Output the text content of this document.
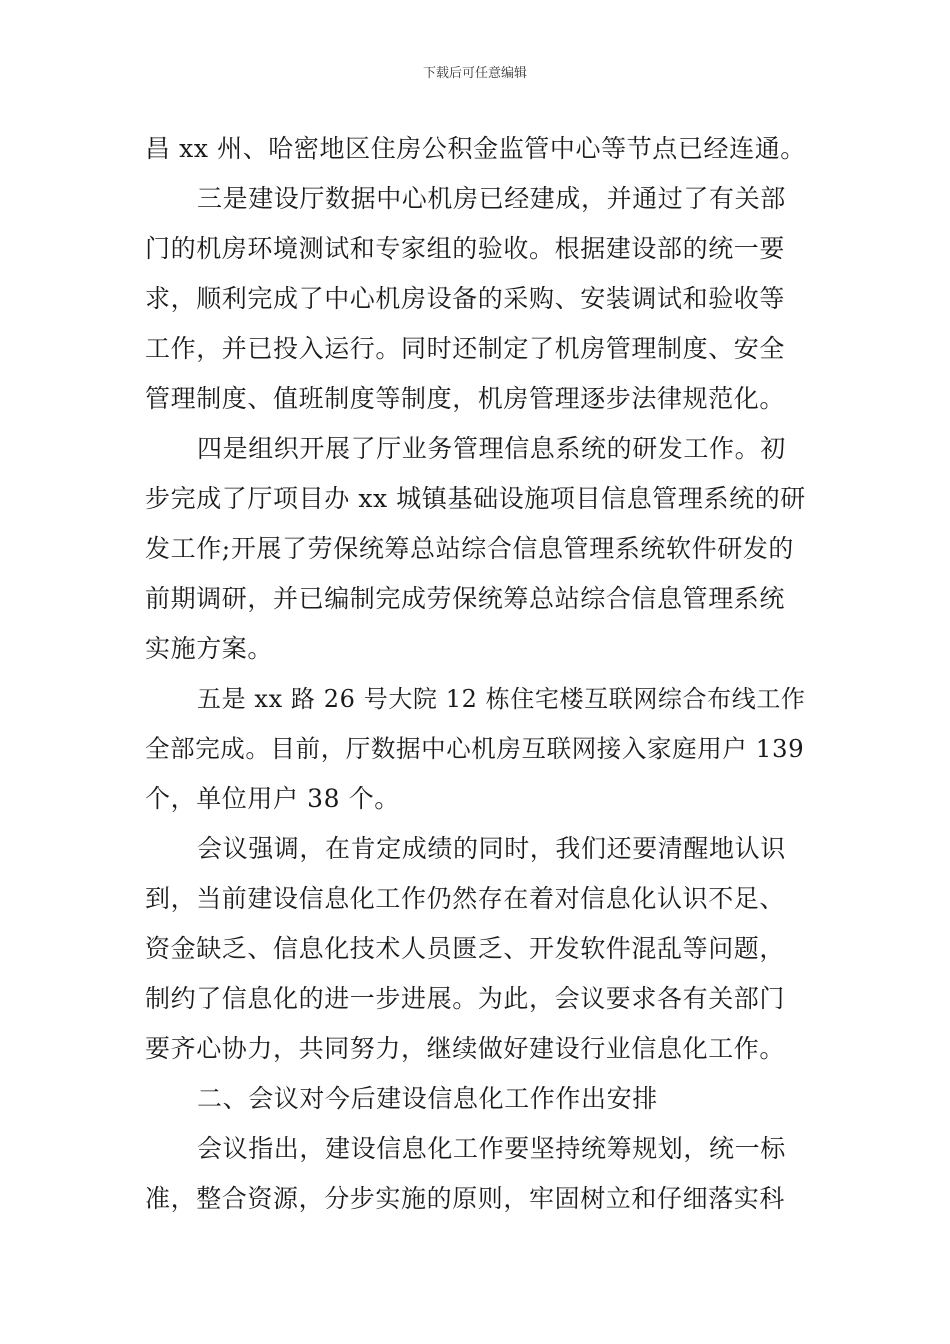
下载后可任意编辑
昌 xx 州、哈密地区住房公积金监管中心等节点已经连通。
三是建设厅数据中心机房已经建成，并通过了有关部
门的机房环境测试和专家组的验收。根据建设部的统一要
求，顺利完成了中心机房设备的采购、安装调试和验收等
工作，并已投入运行。同时还制定了机房管理制度、安全
管理制度、值班制度等制度，机房管理逐步法律规范化。
四是组织开展了厅业务管理信息系统的研发工作。初
步完成了厅项目办 xx 城镇基础设施项目信息管理系统的研
发工作;开展了劳保统筹总站综合信息管理系统软件研发的
前期调研，并已编制完成劳保统筹总站综合信息管理系统
实施方案。
五是 xx 路 26 号大院 12 栋住宅楼互联网综合布线工作
全部完成。目前，厅数据中心机房互联网接入家庭用户 139
个，单位用户 38 个。
会议强调，在肯定成绩的同时，我们还要清醒地认识
到，当前建设信息化工作仍然存在着对信息化认识不足、
资金缺乏、信息化技术人员匮乏、开发软件混乱等问题，
制约了信息化的进一步进展。为此，会议要求各有关部门
要齐心协力，共同努力，继续做好建设行业信息化工作。
二、会议对今后建设信息化工作作出安排
会议指出，建设信息化工作要坚持统筹规划，统一标
准，整合资源，分步实施的原则，牢固树立和仔细落实科
